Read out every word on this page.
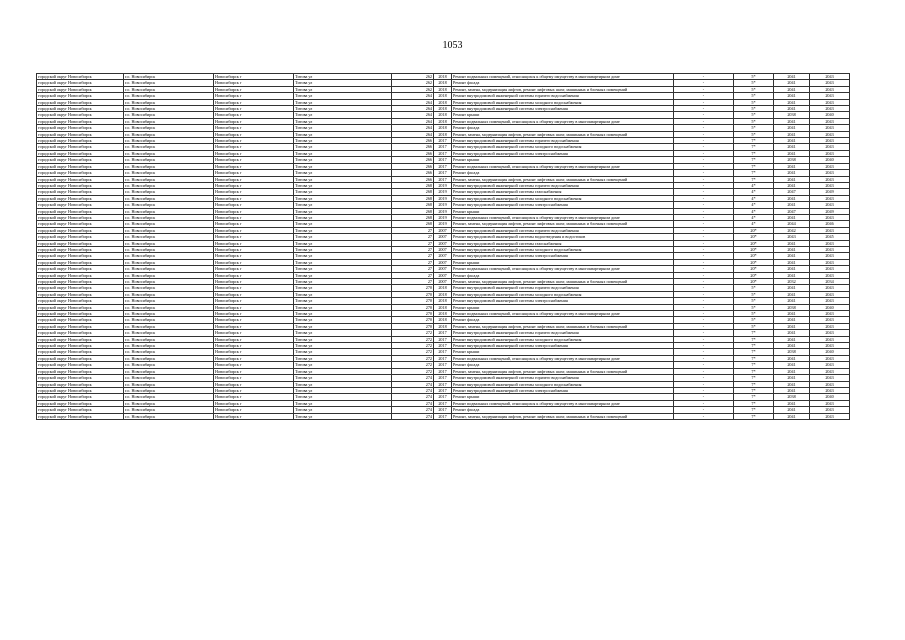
1053
городской округ Новосибирск	г.о. Новосибирск	Новосибирск г	Титова ул	262	2018	Ремонт подвальных помещений, относящихся к общему имуществу в многоквартирном доме	-	5*	2041	2043
городской округ Новосибирск	г.о. Новосибирск	Новосибирск г	Титова ул	262	2018	Ремонт фасада	-	5*	2041	2043
городской округ Новосибирск	г.о. Новосибирск	Новосибирск г	Титова ул	262	2018	Ремонт, замена, модернизация лифтов, ремонт лифтовых шахт, машинных и блочных помещений	-	5*	2041	2043
городской округ Новосибирск	г.о. Новосибирск	Новосибирск г	Титова ул	264	2018	Ремонт внутридомовой инженерной системы горячего водоснабжения	-	5*	2041	2043
городской округ Новосибирск	г.о. Новосибирск	Новосибирск г	Титова ул	264	2018	Ремонт внутридомовой инженерной системы холодного водоснабжения	-	5*	2041	2043
городской округ Новосибирск	г.о. Новосибирск	Новосибирск г	Титова ул	264	2018	Ремонт внутридомовой инженерной системы электроснабжения	-	5*	2041	2043
городской округ Новосибирск	г.о. Новосибирск	Новосибирск г	Титова ул	264	2018	Ремонт крыши	-	5*	2038	2040
городской округ Новосибирск	г.о. Новосибирск	Новосибирск г	Титова ул	264	2018	Ремонт подвальных помещений, относящихся к общему имуществу в многоквартирном доме	-	5*	2041	2043
городской округ Новосибирск	г.о. Новосибирск	Новосибирск г	Титова ул	264	2018	Ремонт фасада	-	5*	2041	2043
городской округ Новосибирск	г.о. Новосибирск	Новосибирск г	Титова ул	264	2018	Ремонт, замена, модернизация лифтов, ремонт лифтовых шахт, машинных и блочных помещений	-	5*	2041	2043
городской округ Новосибирск	г.о. Новосибирск	Новосибирск г	Титова ул	266	2017	Ремонт внутридомовой инженерной системы горячего водоснабжения	-	7*	2041	2043
городской округ Новосибирск	г.о. Новосибирск	Новосибирск г	Титова ул	266	2017	Ремонт внутридомовой инженерной системы холодного водоснабжения	-	7*	2041	2043
городской округ Новосибирск	г.о. Новосибирск	Новосибирск г	Титова ул	266	2017	Ремонт внутридомовой инженерной системы электроснабжения	-	7*	2041	2043
городской округ Новосибирск	г.о. Новосибирск	Новосибирск г	Титова ул	266	2017	Ремонт крыши	-	7*	2038	2040
городской округ Новосибирск	г.о. Новосибирск	Новосибирск г	Титова ул	266	2017	Ремонт подвальных помещений, относящихся к общему имуществу в многоквартирном доме	-	7*	2041	2043
городской округ Новосибирск	г.о. Новосибирск	Новосибирск г	Титова ул	266	2017	Ремонт фасада	-	7*	2041	2043
городской округ Новосибирск	г.о. Новосибирск	Новосибирск г	Титова ул	266	2017	Ремонт, замена, модернизация лифтов, ремонт лифтовых шахт, машинных и блочных помещений	-	7*	2041	2043
городской округ Новосибирск	г.о. Новосибирск	Новосибирск г	Титова ул	268	2019	Ремонт внутридомовой инженерной системы горячего водоснабжения	-	4*	2041	2043
городской округ Новосибирск	г.о. Новосибирск	Новосибирск г	Титова ул	268	2019	Ремонт внутридомовой инженерной системы газоснабжения	-	4*	2047	2049
городской округ Новосибирск	г.о. Новосибирск	Новосибирск г	Титова ул	268	2019	Ремонт внутридомовой инженерной системы холодного водоснабжения	-	4*	2041	2043
городской округ Новосибирск	г.о. Новосибирск	Новосибирск г	Титова ул	268	2019	Ремонт внутридомовой инженерной системы электроснабжения	-	4*	2041	2043
городской округ Новосибирск	г.о. Новосибирск	Новосибирск г	Титова ул	268	2019	Ремонт крыши	-	4*	2047	2049
городской округ Новосибирск	г.о. Новосибирск	Новосибирск г	Титова ул	268	2019	Ремонт подвальных помещений, относящихся к общему имуществу в многоквартирном доме	-	4*	2041	2043
городской округ Новосибирск	г.о. Новосибирск	Новосибирск г	Титова ул	268	2019	Ремонт, замена, модернизация лифтов, ремонт лифтовых шахт, машинных и блочных помещений	-	4*	2044	2046
городской округ Новосибирск	г.о. Новосибирск	Новосибирск г	Титова ул	27	2007	Ремонт внутридомовой инженерной системы горячего водоснабжения	-	20*	2042	2043
городской округ Новосибирск	г.о. Новосибирск	Новосибирск г	Титова ул	27	2007	Ремонт внутридомовой инженерной системы водоотведения и водостоков	-	20*	2043	2045
городской округ Новосибирск	г.о. Новосибирск	Новосибирск г	Титова ул	27	2007	Ремонт внутридомовой инженерной системы газоснабжения	-	20*	2041	2043
городской округ Новосибирск	г.о. Новосибирск	Новосибирск г	Титова ул	27	2007	Ремонт внутридомовой инженерной системы холодного водоснабжения	-	20*	2041	2043
городской округ Новосибирск	г.о. Новосибирск	Новосибирск г	Титова ул	27	2007	Ремонт внутридомовой инженерной системы электроснабжения	-	20*	2041	2043
городской округ Новосибирск	г.о. Новосибирск	Новосибирск г	Титова ул	27	2007	Ремонт крыши	-	20*	2041	2043
городской округ Новосибирск	г.о. Новосибирск	Новосибирск г	Титова ул	27	2007	Ремонт подвальных помещений, относящихся к общему имуществу в многоквартирном доме	-	20*	2041	2043
городской округ Новосибирск	г.о. Новосибирск	Новосибирск г	Титова ул	27	2007	Ремонт фасада	-	20*	2041	2043
городской округ Новосибирск	г.о. Новосибирск	Новосибирск г	Титова ул	27	2007	Ремонт, замена, модернизация лифтов, ремонт лифтовых шахт, машинных и блочных помещений	-	20*	2032	2034
городской округ Новосибирск	г.о. Новосибирск	Новосибирск г	Титова ул	270	2018	Ремонт внутридомовой инженерной системы горячего водоснабжения	-	5*	2041	2043
городской округ Новосибирск	г.о. Новосибирск	Новосибирск г	Титова ул	270	2018	Ремонт внутридомовой инженерной системы холодного водоснабжения	-	5*	2041	2043
городской округ Новосибирск	г.о. Новосибирск	Новосибирск г	Титова ул	270	2018	Ремонт внутридомовой инженерной системы электроснабжения	-	5*	2041	2043
городской округ Новосибирск	г.о. Новосибирск	Новосибирск г	Титова ул	270	2018	Ремонт крыши	-	5*	2038	2040
городской округ Новосибирск	г.о. Новосибирск	Новосибирск г	Титова ул	270	2018	Ремонт подвальных помещений, относящихся к общему имуществу в многоквартирном доме	-	5*	2041	2043
городской округ Новосибирск	г.о. Новосибирск	Новосибирск г	Титова ул	270	2018	Ремонт фасада	-	5*	2041	2043
городской округ Новосибирск	г.о. Новосибирск	Новосибирск г	Титова ул	270	2018	Ремонт, замена, модернизация лифтов, ремонт лифтовых шахт, машинных и блочных помещений	-	5*	2041	2043
городской округ Новосибирск	г.о. Новосибирск	Новосибирск г	Титова ул	272	2017	Ремонт внутридомовой инженерной системы горячего водоснабжения	-	7*	2041	2043
городской округ Новосибирск	г.о. Новосибирск	Новосибирск г	Титова ул	272	2017	Ремонт внутридомовой инженерной системы холодного водоснабжения	-	7*	2041	2043
городской округ Новосибирск	г.о. Новосибирск	Новосибирск г	Титова ул	272	2017	Ремонт внутридомовой инженерной системы электроснабжения	-	7*	2041	2043
городской округ Новосибирск	г.о. Новосибирск	Новосибирск г	Титова ул	272	2017	Ремонт крыши	-	7*	2038	2040
городской округ Новосибирск	г.о. Новосибирск	Новосибирск г	Титова ул	272	2017	Ремонт подвальных помещений, относящихся к общему имуществу в многоквартирном доме	-	7*	2041	2043
городской округ Новосибирск	г.о. Новосибирск	Новосибирск г	Титова ул	272	2017	Ремонт фасада	-	7*	2041	2043
городской округ Новосибирск	г.о. Новосибирск	Новосибирск г	Титова ул	272	2017	Ремонт, замена, модернизация лифтов, ремонт лифтовых шахт, машинных и блочных помещений	-	7*	2041	2043
городской округ Новосибирск	г.о. Новосибирск	Новосибирск г	Титова ул	274	2017	Ремонт внутридомовой инженерной системы горячего водоснабжения	-	7*	2041	2043
городской округ Новосибирск	г.о. Новосибирск	Новосибирск г	Титова ул	274	2017	Ремонт внутридомовой инженерной системы холодного водоснабжения	-	7*	2041	2043
городской округ Новосибирск	г.о. Новосибирск	Новосибирск г	Титова ул	274	2017	Ремонт внутридомовой инженерной системы электроснабжения	-	7*	2041	2043
городской округ Новосибирск	г.о. Новосибирск	Новосибирск г	Титова ул	274	2017	Ремонт крыши	-	7*	2038	2040
городской округ Новосибирск	г.о. Новосибирск	Новосибирск г	Титова ул	274	2017	Ремонт подвальных помещений, относящихся к общему имуществу в многоквартирном доме	-	7*	2041	2043
городской округ Новосибирск	г.о. Новосибирск	Новосибирск г	Титова ул	274	2017	Ремонт фасада	-	7*	2041	2043
городской округ Новосибирск	г.о. Новосибирск	Новосибирск г	Титова ул	274	2017	Ремонт, замена, модернизация лифтов, ремонт лифтовых шахт, машинных и блочных помещений	-	7*	2041	2043
